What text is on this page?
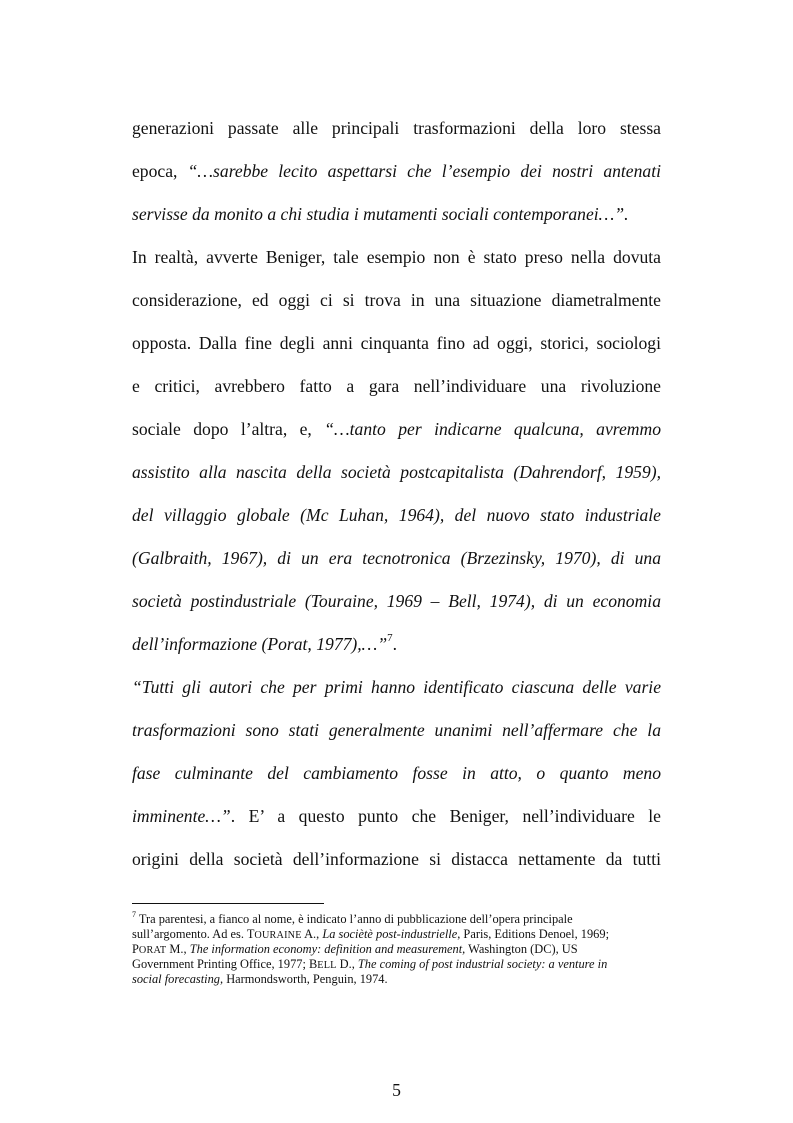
generazioni passate alle principali trasformazioni della loro stessa
epoca, “…sarebbe lecito aspettarsi che l’esempio dei nostri antenati
servisse da monito a chi studia i mutamenti sociali contemporanei…”.
In realtà, avverte Beniger, tale esempio non è stato preso nella dovuta
considerazione, ed oggi ci si trova in una situazione diametralmente
opposta. Dalla fine degli anni cinquanta fino ad oggi, storici, sociologi
e critici, avrebbero fatto a gara nell’individuare una rivoluzione
sociale dopo l’altra, e, “…tanto per indicarne qualcuna, avremmo
assistito alla nascita della società postcapitalista (Dahrendorf, 1959),
del villaggio globale (Mc Luhan, 1964), del nuovo stato industriale
(Galbraith, 1967), di un era tecnotronica (Brzezinsky, 1970), di una
società postindustriale (Touraine, 1969 – Bell, 1974), di un economia
dell’informazione (Porat, 1977),…”$^7$.
“Tutti gli autori che per primi hanno identificato ciascuna delle varie
trasformazioni sono stati generalmente unanimi nell’affermare che la
fase culminante del cambiamento fosse in atto, o quanto meno
imminente…”. E’ a questo punto che Beniger, nell’individuare le
origini della società dell’informazione si distacca nettamente da tutti
$^7$ Tra parentesi, a fianco al nome, è indicato l’anno di pubblicazione dell’opera principale
sull’argomento. Ad es. TOURAINE A., La sociètè post-industrielle, Paris, Editions Denoel, 1969;
PORAT M., The information economy: definition and measurement, Washington (DC), US
Government Printing Office, 1977; BELL D., The coming of post industrial society: a venture in
social forecasting, Harmondsworth, Penguin, 1974.
5
